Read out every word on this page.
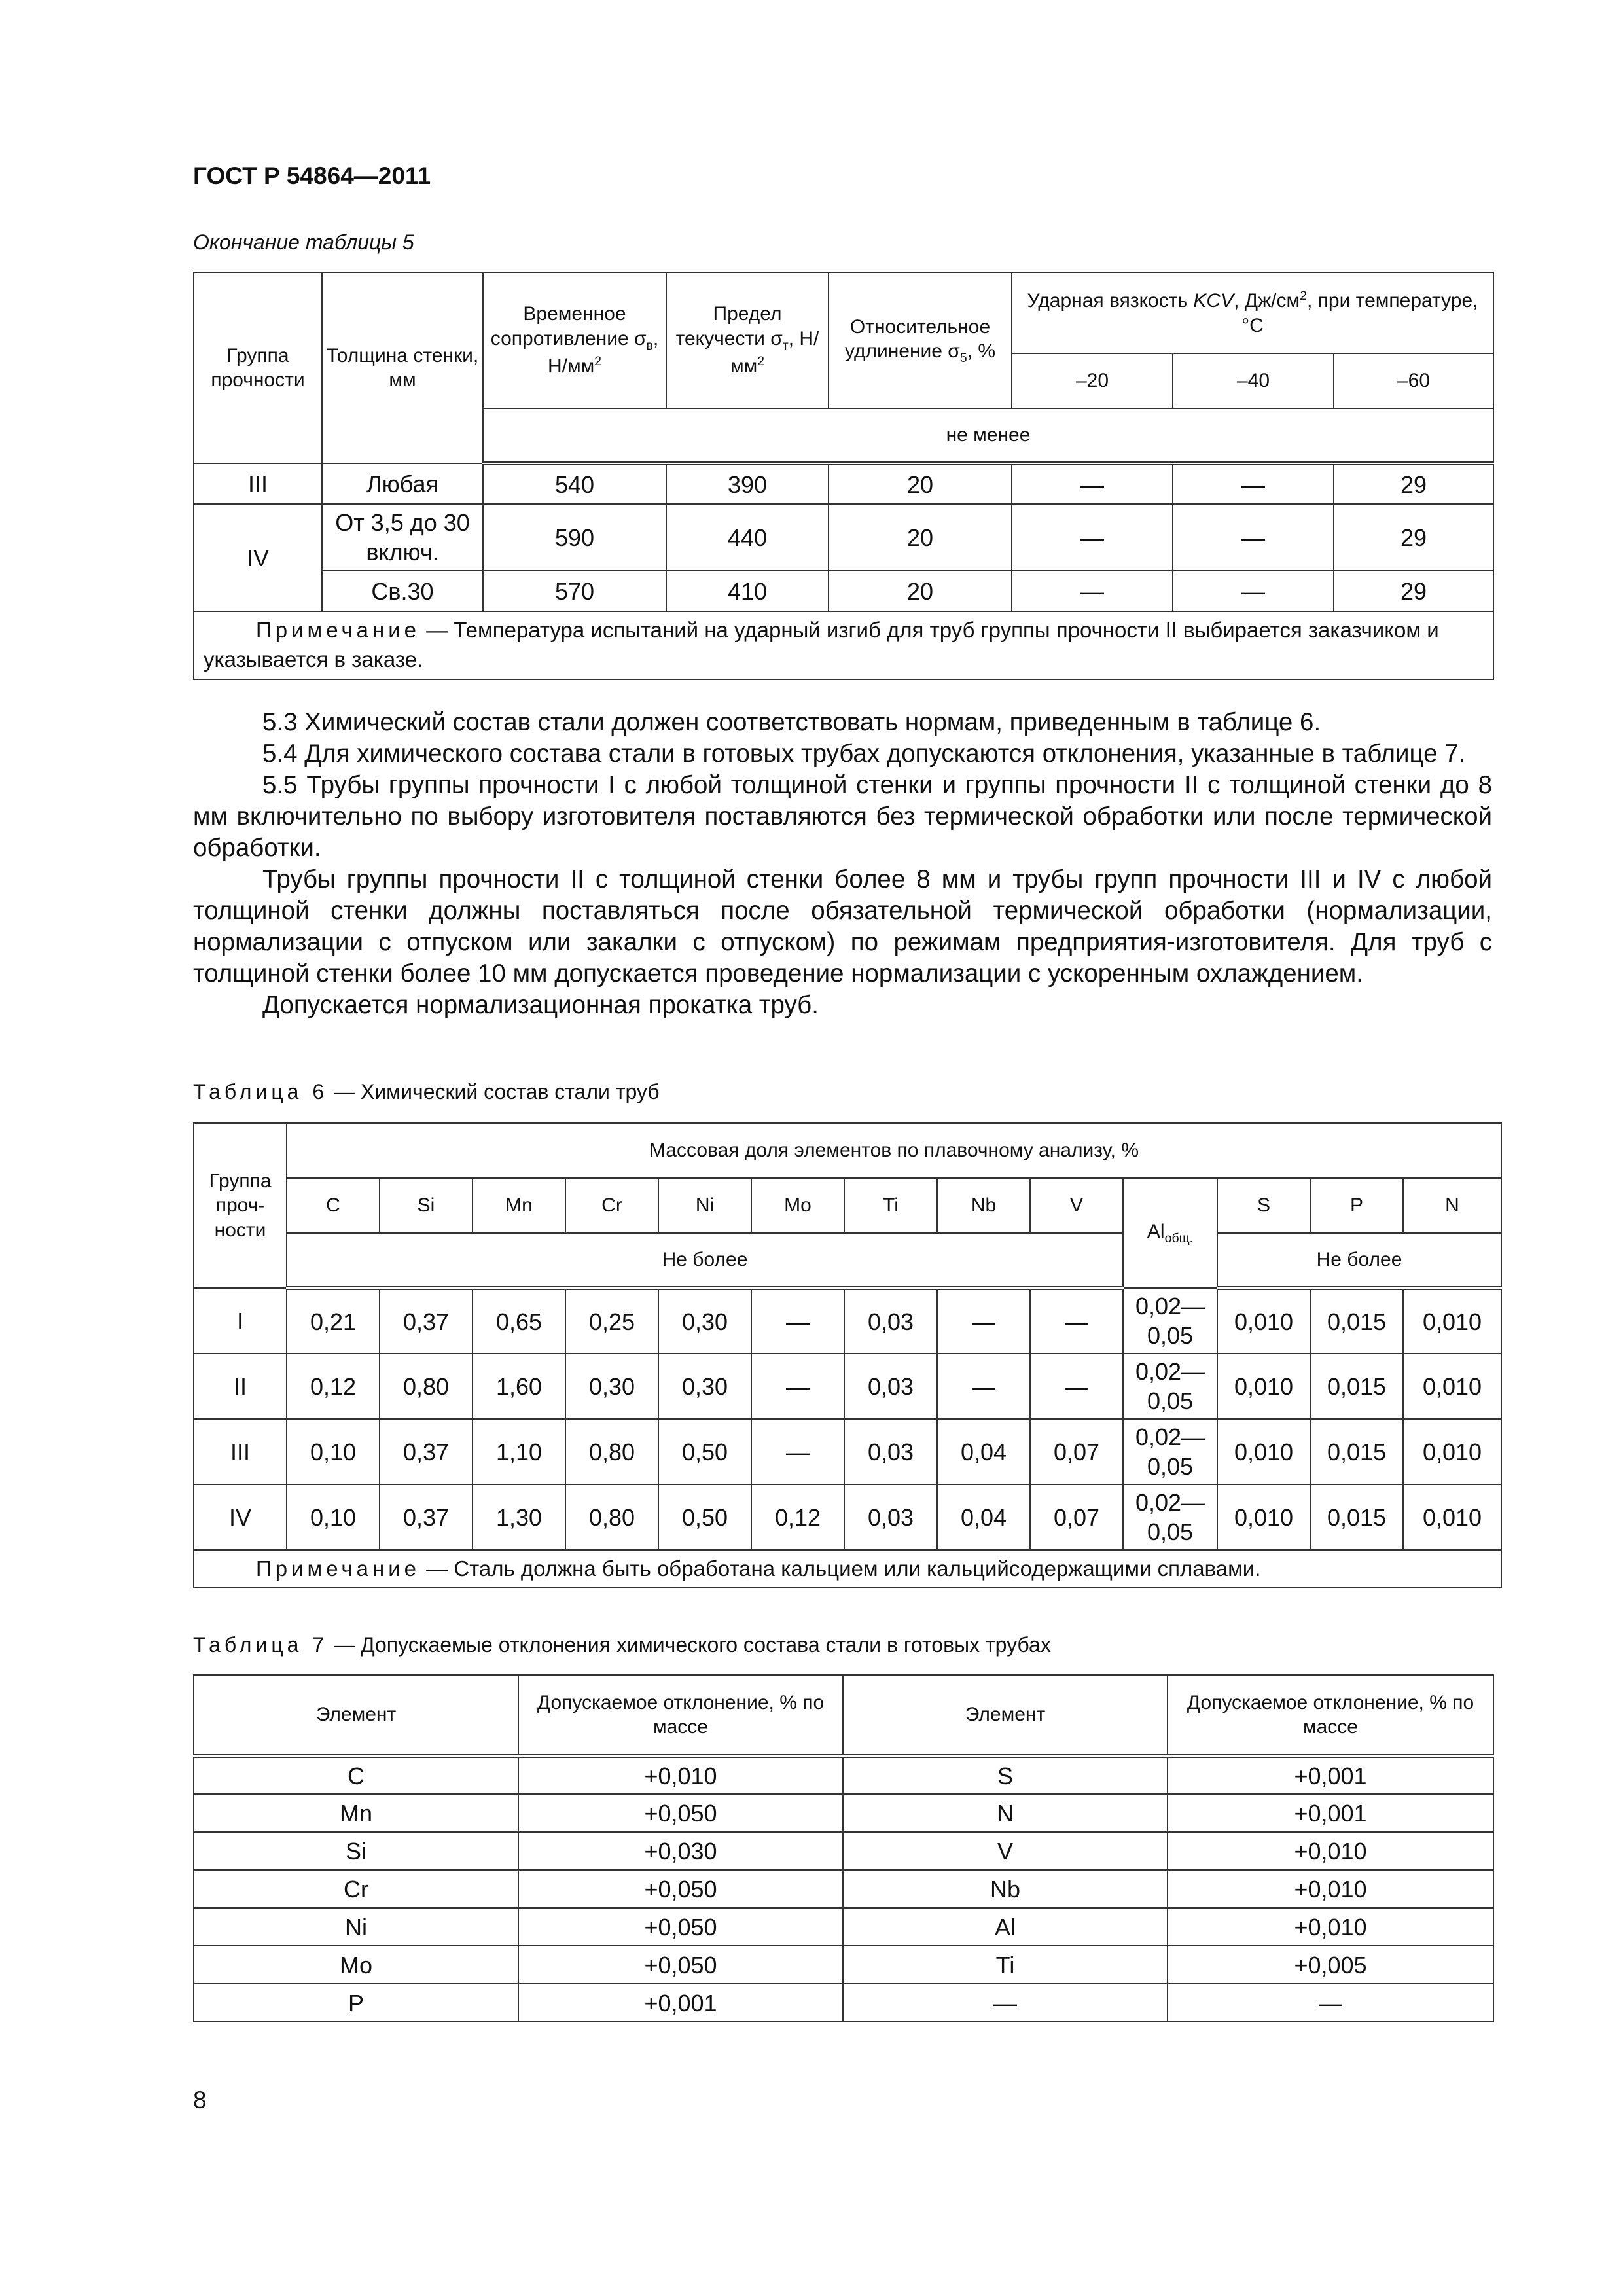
ГОСТ Р 54864—2011
Окончание таблицы 5
Группа прочности	Толщина стенки, мм	Временное сопротивление $\sigma_в$, $Н/мм^2$	Предел текучести $\sigma_т$, $Н/мм^2$	Относительное удлинение $\sigma_5$, %	Ударная вязкость KCV, $Дж/см^2$, при температуре, °С		
					–20	–40	–60
		не менее					
III	Любая	540	390	20	—	—	29
IV	От 3,5 до 30 включ.	590	440	20	—	—	29
	Св.30	570	410	20	—	—	29
Примечание — Температура испытаний на ударный изгиб для труб группы прочности II выбирается заказчиком и указывается в заказе.							

5.3 Химический состав стали должен соответствовать нормам, приведенным в таблице 6.

5.4 Для химического состава стали в готовых трубах допускаются отклонения, указанные в таблице 7.

5.5 Трубы группы прочности I с любой толщиной стенки и группы прочности II с толщиной стенки до 8 мм включительно по выбору изготовителя поставляются без термической обработки или после термической обработки.

Трубы группы прочности II с толщиной стенки более 8 мм и трубы групп прочности III и IV с любой толщиной стенки должны поставляться после обязательной термической обработки (нормализации, нормализации с отпуском или закалки с отпуском) по режимам предприятия-изготовителя. Для труб с толщиной стенки более 10 мм допускается проведение нормализации с ускоренным охлаждением.

Допускается нормализационная прокатка труб.

Таблица 6 — Химический состав стали труб
Группа проч-ности	Массовая доля элементов по плавочному анализу, %												
	C	Si	Mn	Cr	Ni	Mo	Ti	Nb	V	$Al_{общ.}$	S	P	N
	Не более										Не более		
I	0,21	0,37	0,65	0,25	0,30	—	0,03	—	—	0,02—0,05	0,010	0,015	0,010
II	0,12	0,80	1,60	0,30	0,30	—	0,03	—	—	0,02—0,05	0,010	0,015	0,010
III	0,10	0,37	1,10	0,80	0,50	—	0,03	0,04	0,07	0,02—0,05	0,010	0,015	0,010
IV	0,10	0,37	1,30	0,80	0,50	0,12	0,03	0,04	0,07	0,02—0,05	0,010	0,015	0,010
Примечание — Сталь должна быть обработана кальцием или кальцийсодержащими сплавами.													
Таблица 7 — Допускаемые отклонения химического состава стали в готовых трубах
Элемент	Допускаемое отклонение, % по массе	Элемент	Допускаемое отклонение, % по массе
C	+0,010	S	+0,001
Mn	+0,050	N	+0,001
Si	+0,030	V	+0,010
Cr	+0,050	Nb	+0,010
Ni	+0,050	Al	+0,010
Mo	+0,050	Ti	+0,005
P	+0,001	—	—
8
